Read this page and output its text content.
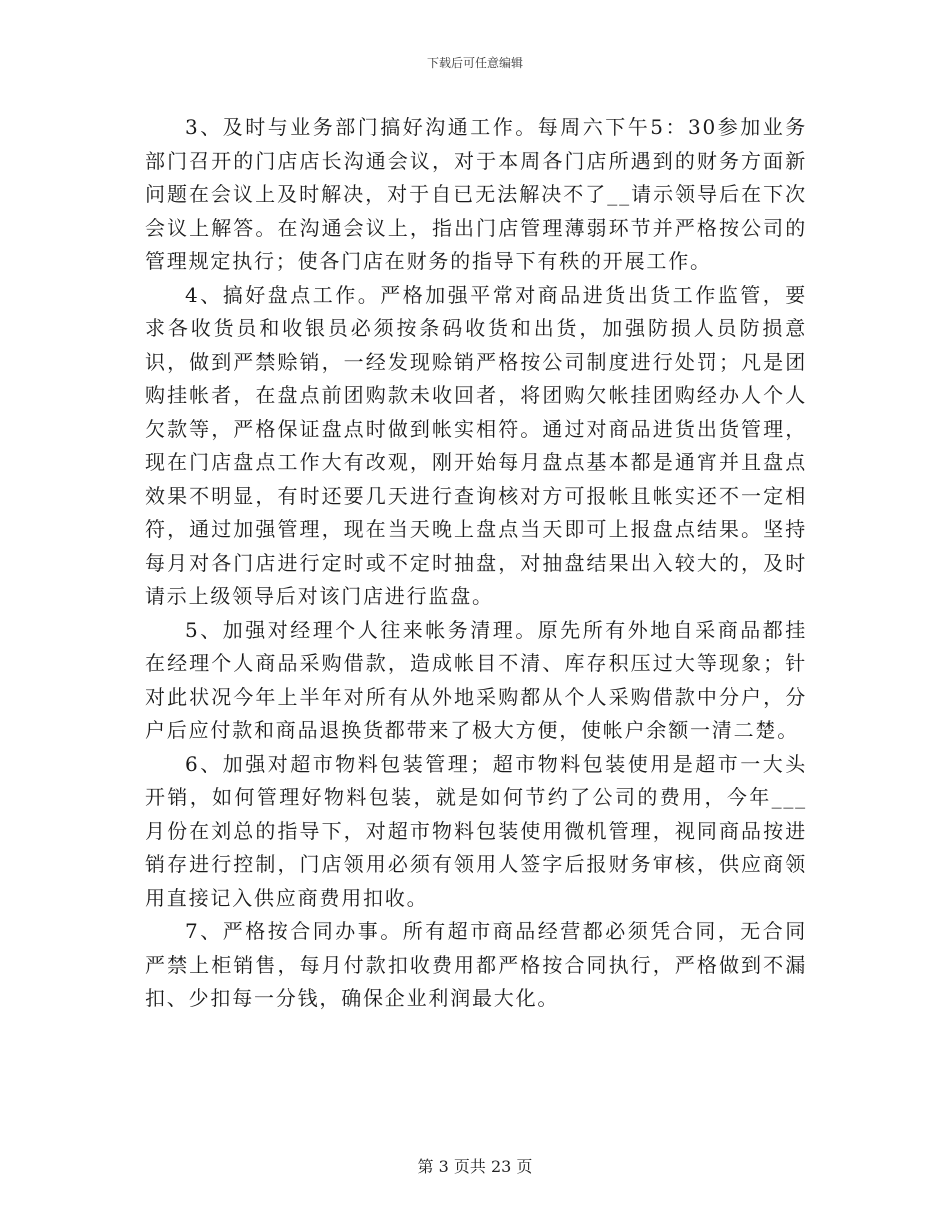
下载后可任意编辑

3、及时与业务部门搞好沟通工作。每周六下午5：30参加业务部门召开的门店店长沟通会议，对于本周各门店所遇到的财务方面新问题在会议上及时解决，对于自已无法解决不了__请示领导后在下次会议上解答。在沟通会议上，指出门店管理薄弱环节并严格按公司的管理规定执行；使各门店在财务的指导下有秩的开展工作。

4、搞好盘点工作。严格加强平常对商品进货出货工作监管，要求各收货员和收银员必须按条码收货和出货，加强防损人员防损意识，做到严禁赊销，一经发现赊销严格按公司制度进行处罚；凡是团购挂帐者，在盘点前团购款未收回者，将团购欠帐挂团购经办人个人欠款等，严格保证盘点时做到帐实相符。通过对商品进货出货管理，现在门店盘点工作大有改观，刚开始每月盘点基本都是通宵并且盘点效果不明显，有时还要几天进行查询核对方可报帐且帐实还不一定相符，通过加强管理，现在当天晚上盘点当天即可上报盘点结果。坚持每月对各门店进行定时或不定时抽盘，对抽盘结果出入较大的，及时请示上级领导后对该门店进行监盘。

5、加强对经理个人往来帐务清理。原先所有外地自采商品都挂在经理个人商品采购借款，造成帐目不清、库存积压过大等现象；针对此状况今年上半年对所有从外地采购都从个人采购借款中分户，分户后应付款和商品退换货都带来了极大方便，使帐户余额一清二楚。

6、加强对超市物料包装管理；超市物料包装使用是超市一大头开销，如何管理好物料包装，就是如何节约了公司的费用，今年___月份在刘总的指导下，对超市物料包装使用微机管理，视同商品按进销存进行控制，门店领用必须有领用人签字后报财务审核，供应商领用直接记入供应商费用扣收。

7、严格按合同办事。所有超市商品经营都必须凭合同，无合同严禁上柜销售，每月付款扣收费用都严格按合同执行，严格做到不漏扣、少扣每一分钱，确保企业利润最大化。

第 3 页共 23 页
